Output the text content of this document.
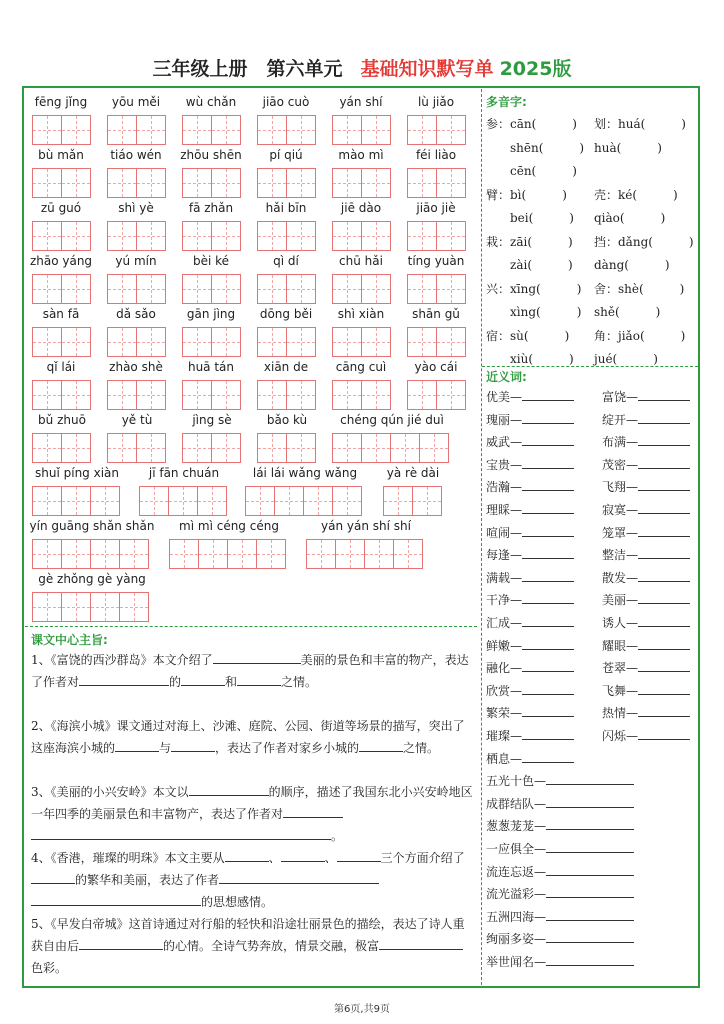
三年级上册　第六单元 基础知识默写单 2025版
fēng jǐng	yōu měi	wù chǎn	jiāo cuò	yán shí	lù jiǎo
bù mǎn	tiáo wén	zhōu shēn	pí qiú	mào mì	féi liào
zū guó	shì yè	fā zhǎn	hǎi bīn	jiē dào	jiāo jiè
zhāo yáng	yú mín	bèi ké	qì dí	chū hǎi	tíng yuàn
sàn fā	dǎ sǎo	gān jìng	dōng běi	shì xiàn	shān gǔ
qǐ lái	zhào shè	huā tán	xiān de	cāng cuì	yào cái
bǔ zhuō	yě tù	jìng sè	bǎo kù	chéng qún jié duì
shuǐ píng xiàn	jī fān chuán	lái lái wǎng wǎng	yà rè dài
yín guāng shǎn shǎn	mì mì céng céng	yán yán shí shí
gè zhǒng gè yàng
课文中心主旨:
1、《富饶的西沙群岛》本文介绍了	美丽的景色和丰富的物产，表达了作者对	的	和	之情。
2、《海滨小城》课文通过对海上、沙滩、庭院、公园、街道等场景的描写，突出了这座海滨小城的	与	，表达了作者对家乡小城的	之情。
3、《美丽的小兴安岭》本文以	的顺序，描述了我国东北小兴安岭地区一年四季的美丽景色和丰富物产，表达了作者对
。
4、《香港，璀璨的明珠》本文主要从	、	、	三个方面介绍了的繁华和美丽，表达了作者
的思想感情。
5、《早发白帝城》这首诗通过对行船的轻快和沿途壮丽景色的描绘，表达了诗人重获自由后	的心情。全诗气势奔放，情景交融，极富色彩。
多音字:
参：cān(　　　) 划：huá(　　　)
　　shēn(　　　) huà(　　　)
　　cēn(　　　)
臂：bì(　　　) 壳：ké(　　　)
　　bei(　　　) qiào(　　　)
栽：zāi(　　　) 挡：dǎng(　　　)
　　zài(　　　) dàng(　　　)
兴：xīng(　　　) 舍：shè(　　　)
　　xìng(　　　) shě(　　　)
宿：sù(　　　) 角：jiǎo(　　　)
　　xiù(　　　) jué(　　　)
近义词:
优美—	富饶—
瑰丽—	绽开—
威武—	布满—
宝贵—	茂密—
浩瀚—	飞翔—
理睬—	寂寞—
喧闹—	笼罩—
每逢—	整洁—
满载—	散发—
干净—	美丽—
汇成—	诱人—
鲜嫩—	耀眼—
融化—	苍翠—
欣赏—	飞舞—
繁荣—	热情—
璀璨—	闪烁—
栖息—
五光十色—
成群结队—
葱葱茏茏—
一应俱全—
流连忘返—
流光溢彩—
五洲四海—
绚丽多姿—
举世闻名—
第6页,共9页
